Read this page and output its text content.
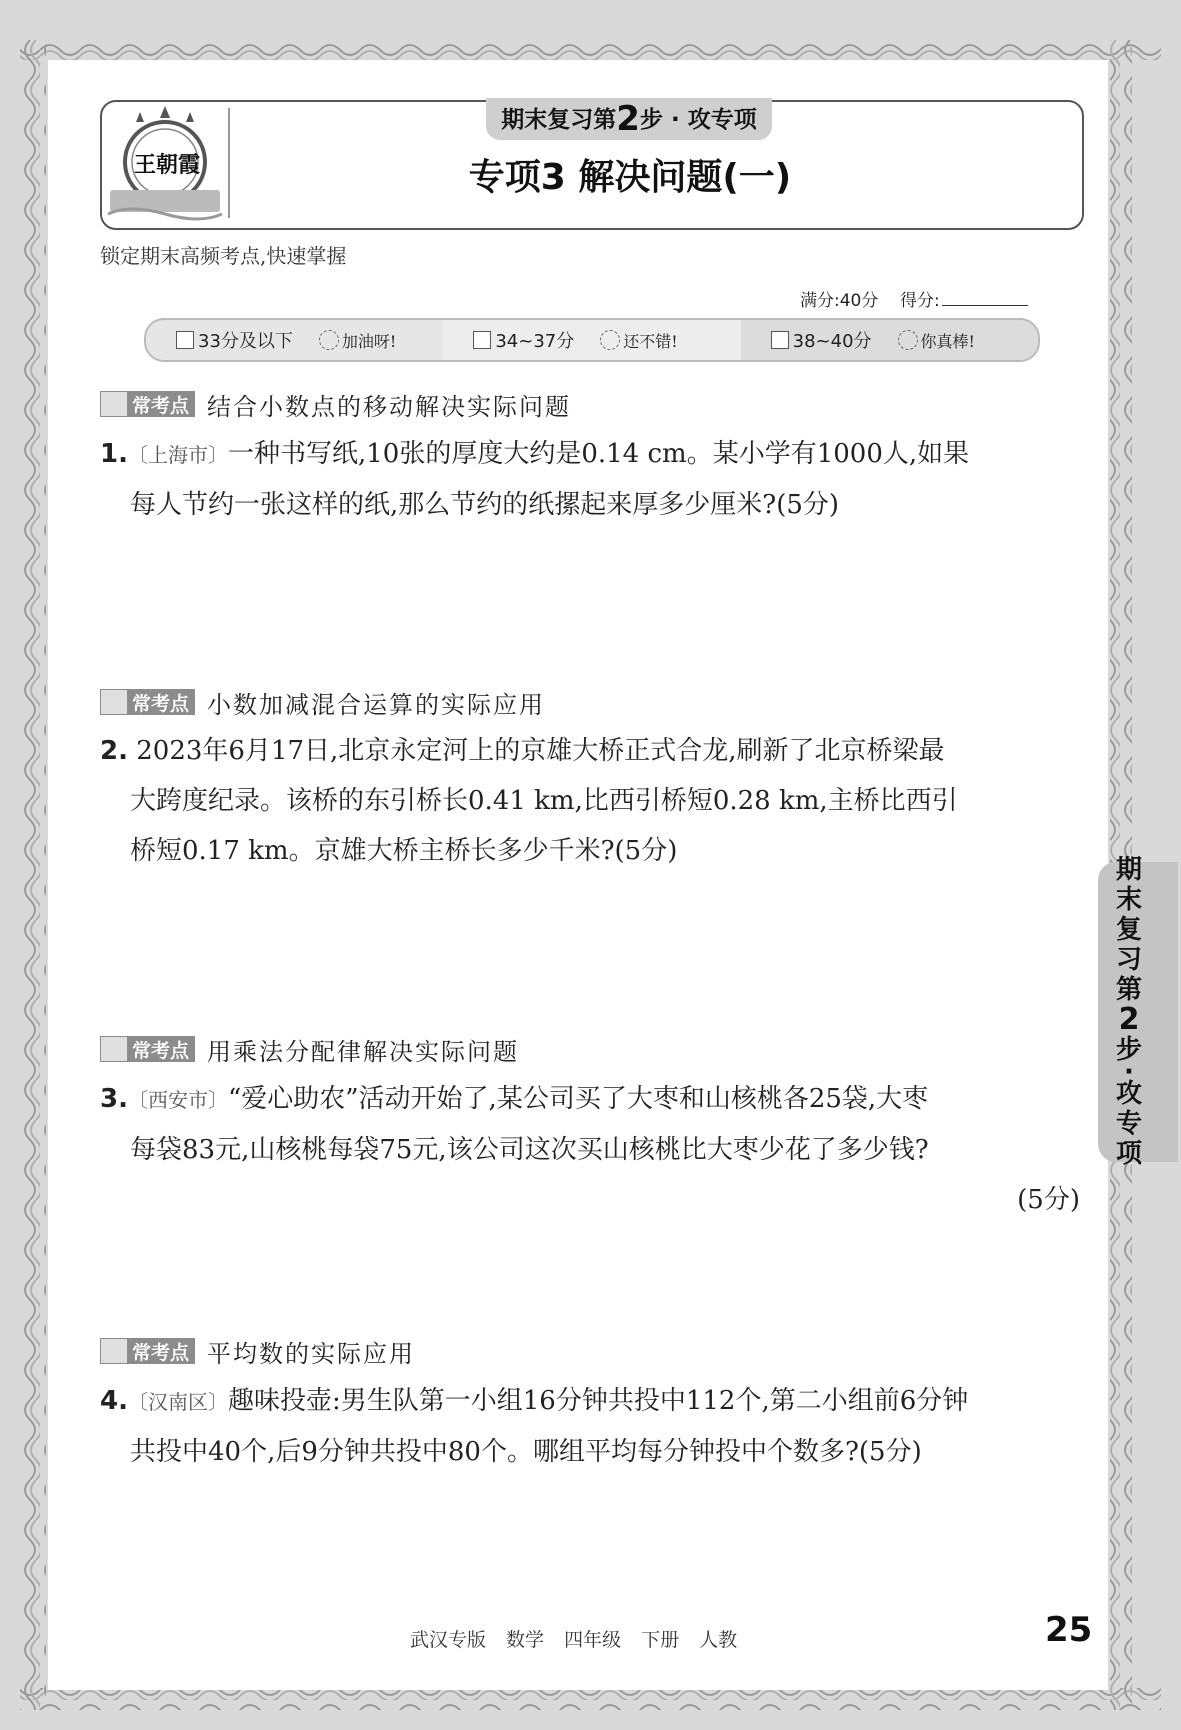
王朝霞
期末复习第2步 · 攻专项
专项3 解决问题(一)
锁定期末高频考点,快速掌握
满分:40分 得分:
33分及以下	加油呀!	34~37分	还不错!	38~40分	你真棒!
常考点 结合小数点的移动解决实际问题
1.〔上海市〕一种书写纸,10张的厚度大约是0.14 cm。某小学有1000人,如果
每人节约一张这样的纸,那么节约的纸摞起来厚多少厘米?(5分)
常考点 小数加减混合运算的实际应用
2. 2023年6月17日,北京永定河上的京雄大桥正式合龙,刷新了北京桥梁最
大跨度纪录。该桥的东引桥长0.41 km,比西引桥短0.28 km,主桥比西引
桥短0.17 km。京雄大桥主桥长多少千米?(5分)
常考点 用乘法分配律解决实际问题
3.〔西安市〕“爱心助农”活动开始了,某公司买了大枣和山核桃各25袋,大枣
每袋83元,山核桃每袋75元,该公司这次买山核桃比大枣少花了多少钱?
(5分)
常考点 平均数的实际应用
4.〔汉南区〕趣味投壶:男生队第一小组16分钟共投中112个,第二小组前6分钟
共投中40个,后9分钟共投中80个。哪组平均每分钟投中个数多?(5分)
期
末
复
习
第
2
步
·
攻
专
项
武汉专版 数学 四年级 下册 人教	25
